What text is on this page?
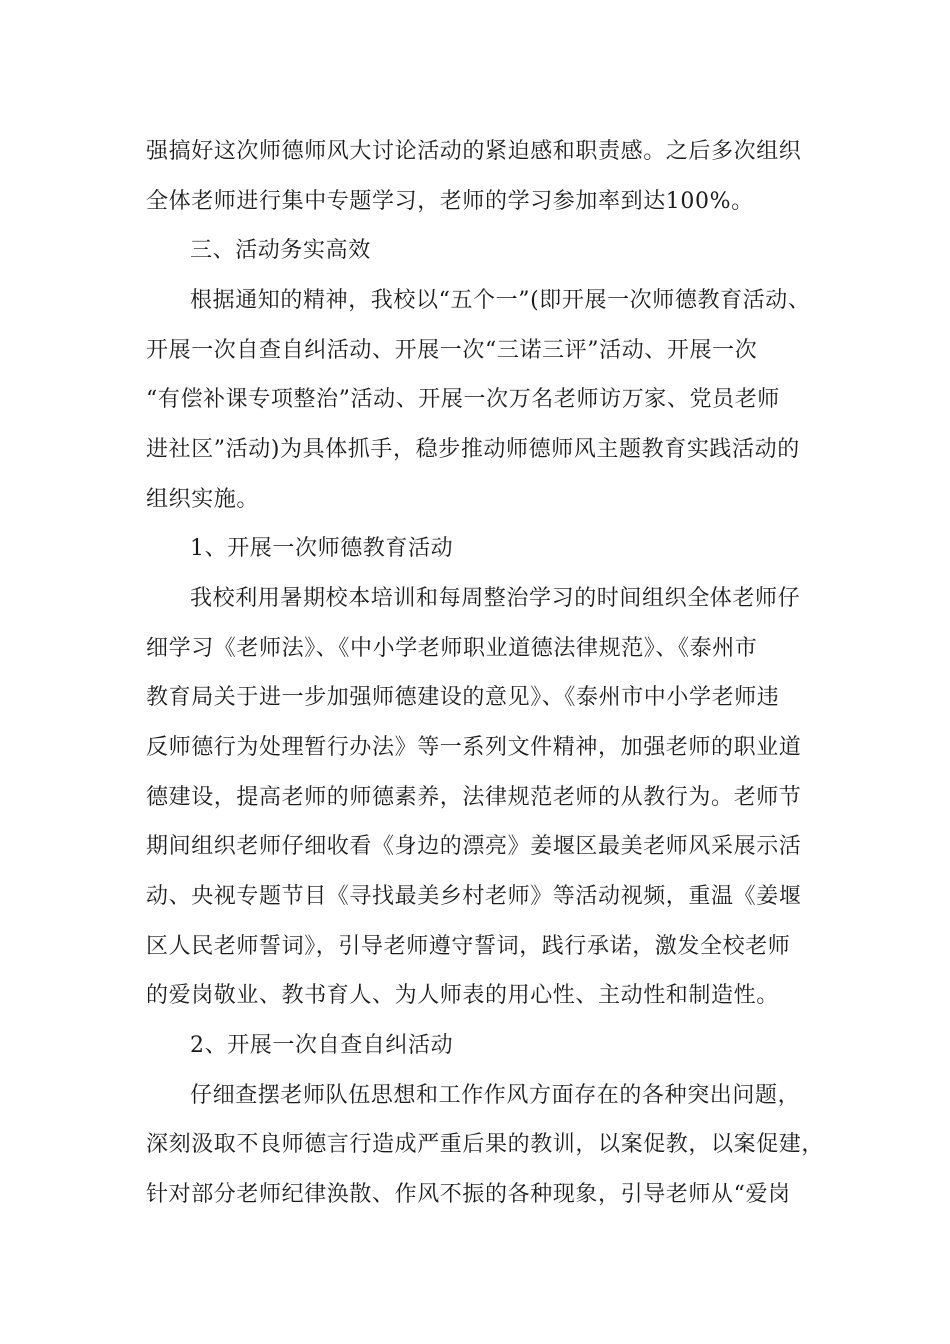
强搞好这次师德师风大讨论活动的紧迫感和职责感。之后多次组织
全体老师进行集中专题学习，老师的学习参加率到达100%。
三、活动务实高效
根据通知的精神，我校以“五个一”(即开展一次师德教育活动、
开展一次自查自纠活动、开展一次“三诺三评”活动、开展一次
“有偿补课专项整治”活动、开展一次万名老师访万家、党员老师
进社区”活动)为具体抓手，稳步推动师德师风主题教育实践活动的
组织实施。
1、开展一次师德教育活动
我校利用暑期校本培训和每周整治学习的时间组织全体老师仔
细学习《老师法》、《中小学老师职业道德法律规范》、《泰州市
教育局关于进一步加强师德建设的意见》、《泰州市中小学老师违
反师德行为处理暂行办法》等一系列文件精神，加强老师的职业道
德建设，提高老师的师德素养，法律规范老师的从教行为。老师节
期间组织老师仔细收看《身边的漂亮》姜堰区最美老师风采展示活
动、央视专题节目《寻找最美乡村老师》等活动视频，重温《姜堰
区人民老师誓词》，引导老师遵守誓词，践行承诺，激发全校老师
的爱岗敬业、教书育人、为人师表的用心性、主动性和制造性。
2、开展一次自查自纠活动
仔细查摆老师队伍思想和工作作风方面存在的各种突出问题，
深刻汲取不良师德言行造成严重后果的教训，以案促教，以案促建，
针对部分老师纪律涣散、作风不振的各种现象，引导老师从“爱岗
